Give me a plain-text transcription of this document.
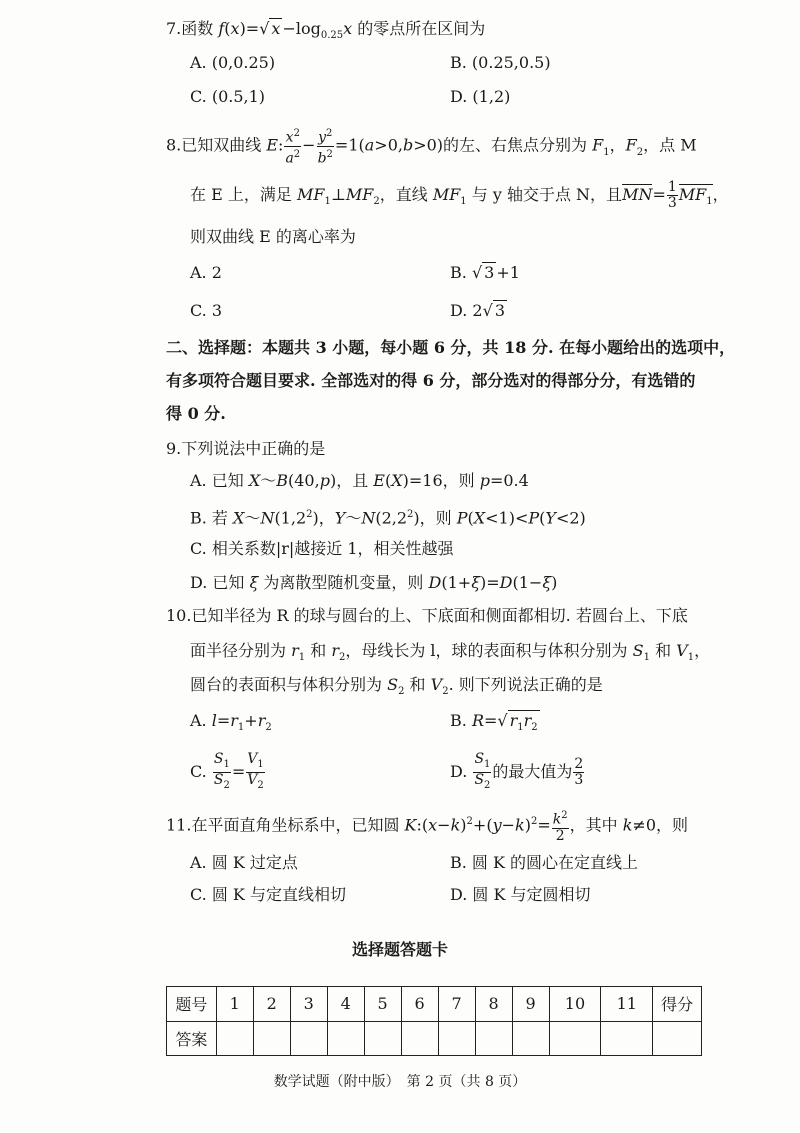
7.函数 f(x)=√ $x -\log_{0.25}x$ 的零点所在区间为
A. (0,0.25)	B. (0.25,0.5)
C. (0.5,1)	D. (1,2)
8.已知双曲线 E: $\frac{x^2}{a^2} - \frac{y^2}{b^2} =1(a>0,b>0)$的左、右焦点分别为 $F_1$，$F_2$，点 M
在 E 上，满足 $MF_1\perp MF_2$，直线 $MF_1$ 与 y 轴交于点 N，且$MN= \frac{1}{3} MF_1$，
则双曲线 E 的离心率为
A. 2	B. √ 3 +1
C. 3	D. 2√ 3
二、选择题：本题共 3 小题，每小题 6 分，共 18 分. 在每小题给出的选项中，
有多项符合题目要求. 全部选对的得 6 分，部分选对的得部分分，有选错的
得 0 分.
9.下列说法中正确的是
A. 已知 X～B(40,p)，且 E(X)=16，则 p=0.4
B. 若 $X\sim N(1,2^2)$，$Y\sim N(2,2^2)$，则 P(X<1)<P(Y<2)
C. 相关系数|r|越接近 1，相关性越强
D. 已知 ξ 为离散型随机变量，则 D(1+ξ)=D(1−ξ)
10.已知半径为 R 的球与圆台的上、下底面和侧面都相切. 若圆台上、下底
面半径分别为 $r_1$ 和 $r_2$，母线长为 l，球的表面积与体积分别为 $S_1$ 和 $V_1$，
圆台的表面积与体积分别为 $S_2$ 和 $V_2$. 则下列说法正确的是
A. $l=r_1+r_2$	B. R=√ $r_1r_2$
C. $\frac{S_1}{S_2} = \frac{V_1}{V_2}$	D. $\frac{S_1}{S_2}$ 的最大值为 $\frac{2}{3}$
11.在平面直角坐标系中，已知圆 $K:(x-k)^2+(y-k)^2= \frac{k^2}{2}$ ，其中 k≠0，则
A. 圆 K 过定点	B. 圆 K 的圆心在定直线上
C. 圆 K 与定直线相切	D. 圆 K 与定圆相切
选择题答题卡
题号	1	2	3	4	5	6	7	8	9	10	11	得分
答案												
数学试题（附中版）　第 2 页（共 8 页）
